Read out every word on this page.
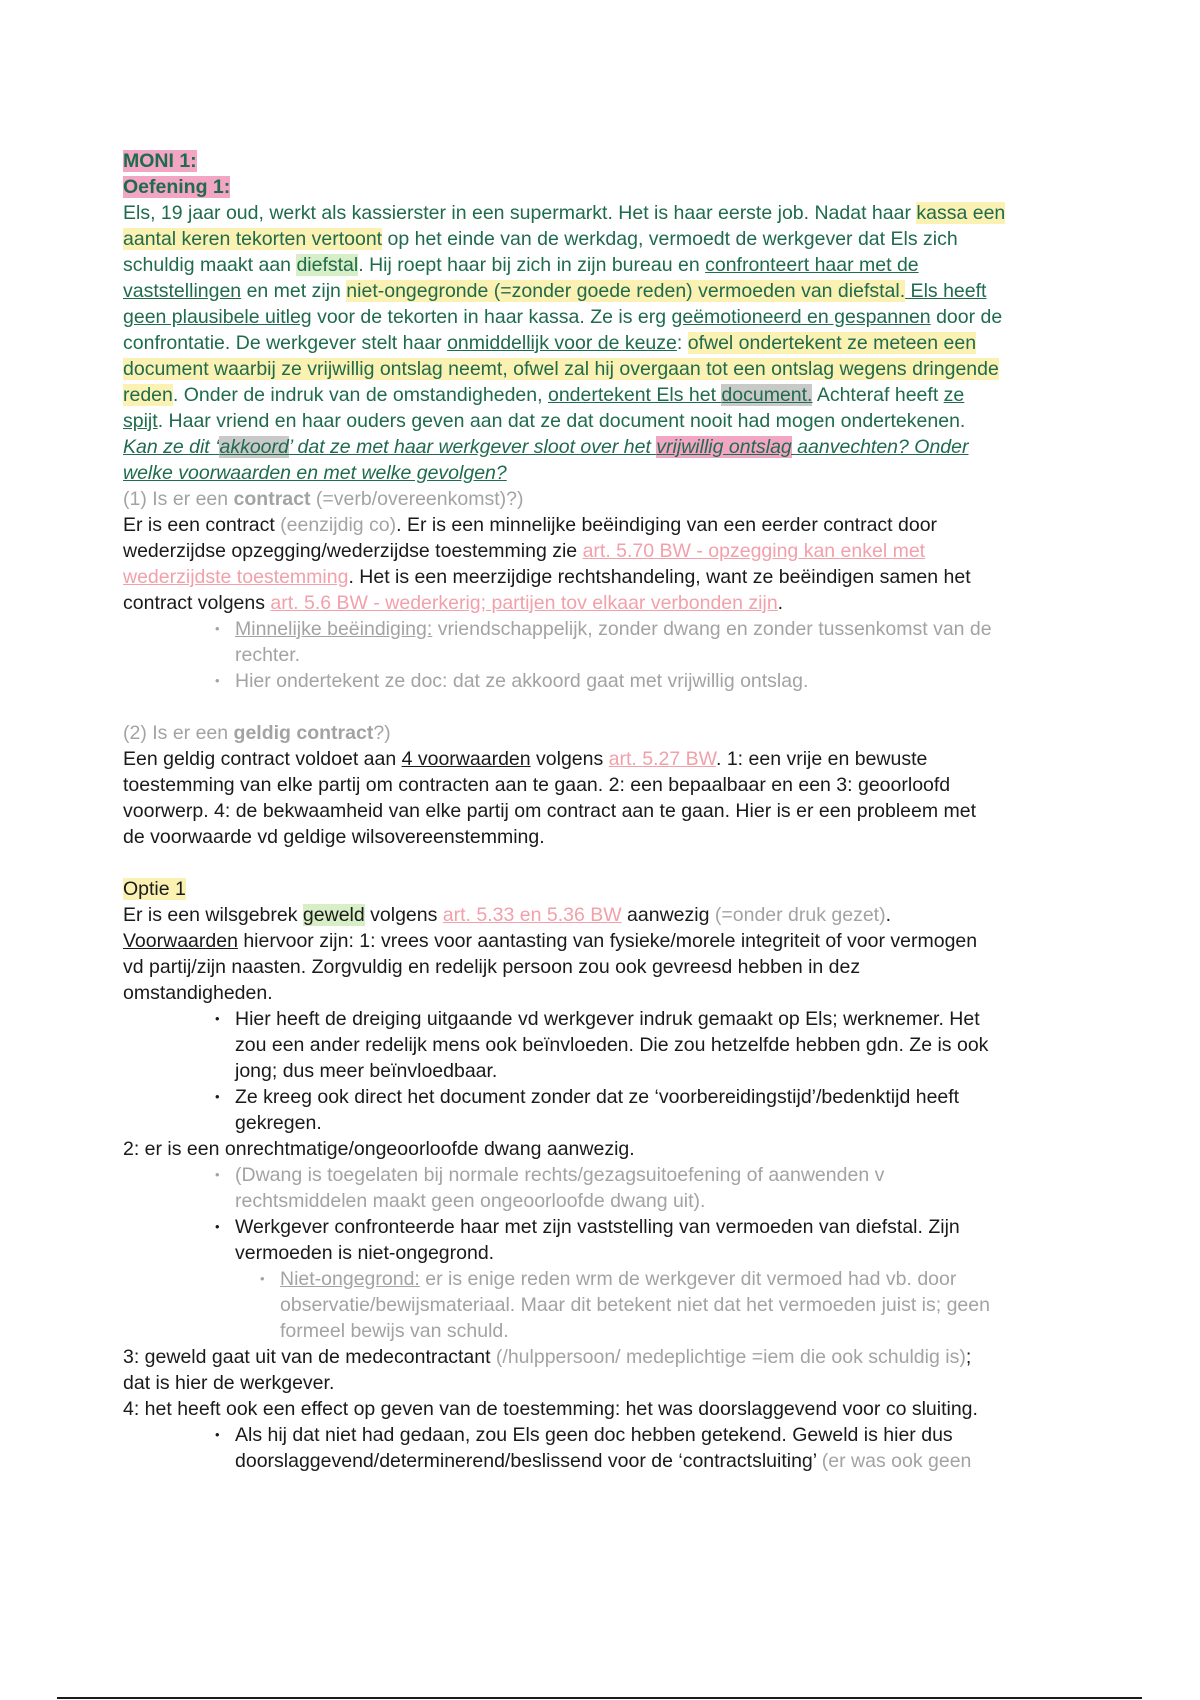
MONI 1:
Oefening 1:
Els, 19 jaar oud, werkt als kassierster in een supermarkt. Het is haar eerste job. Nadat haar kassa een
aantal keren tekorten vertoont op het einde van de werkdag, vermoedt de werkgever dat Els zich
schuldig maakt aan diefstal. Hij roept haar bij zich in zijn bureau en confronteert haar met de
vaststellingen en met zijn niet-ongegronde (=zonder goede reden) vermoeden van diefstal. Els heeft
geen plausibele uitleg voor de tekorten in haar kassa. Ze is erg geëmotioneerd en gespannen door de
confrontatie. De werkgever stelt haar onmiddellijk voor de keuze: ofwel ondertekent ze meteen een
document waarbij ze vrijwillig ontslag neemt, ofwel zal hij overgaan tot een ontslag wegens dringende
reden. Onder de indruk van de omstandigheden, ondertekent Els het document. Achteraf heeft ze
spijt. Haar vriend en haar ouders geven aan dat ze dat document nooit had mogen ondertekenen.
Kan ze dit ‘akkoord’ dat ze met haar werkgever sloot over het vrijwillig ontslag aanvechten? Onder
welke voorwaarden en met welke gevolgen?
(1) Is er een contract (=verb/overeenkomst)?)
Er is een contract (eenzijdig co). Er is een minnelijke beëindiging van een eerder contract door
wederzijdse opzegging/wederzijdse toestemming zie art. 5.70 BW - opzegging kan enkel met
wederzijdste toestemming. Het is een meerzijdige rechtshandeling, want ze beëindigen samen het
contract volgens art. 5.6 BW - wederkerig; partijen tov elkaar verbonden zijn.
• Minnelijke beëindiging: vriendschappelijk, zonder dwang en zonder tussenkomst van de
rechter.
• Hier ondertekent ze doc: dat ze akkoord gaat met vrijwillig ontslag.
(2) Is er een geldig contract?)
Een geldig contract voldoet aan 4 voorwaarden volgens art. 5.27 BW. 1: een vrije en bewuste
toestemming van elke partij om contracten aan te gaan. 2: een bepaalbaar en een 3: geoorloofd
voorwerp. 4: de bekwaamheid van elke partij om contract aan te gaan. Hier is er een probleem met
de voorwaarde vd geldige wilsovereenstemming.
Optie 1
Er is een wilsgebrek geweld volgens art. 5.33 en 5.36 BW aanwezig (=onder druk gezet).
Voorwaarden hiervoor zijn: 1: vrees voor aantasting van fysieke/morele integriteit of voor vermogen
vd partij/zijn naasten. Zorgvuldig en redelijk persoon zou ook gevreesd hebben in dez
omstandigheden.
• Hier heeft de dreiging uitgaande vd werkgever indruk gemaakt op Els; werknemer. Het
zou een ander redelijk mens ook beïnvloeden. Die zou hetzelfde hebben gdn. Ze is ook
jong; dus meer beïnvloedbaar.
• Ze kreeg ook direct het document zonder dat ze ‘voorbereidingstijd’/bedenktijd heeft
gekregen.
2: er is een onrechtmatige/ongeoorloofde dwang aanwezig.
• (Dwang is toegelaten bij normale rechts/gezagsuitoefening of aanwenden v
rechtsmiddelen maakt geen ongeoorloofde dwang uit).
• Werkgever confronteerde haar met zijn vaststelling van vermoeden van diefstal. Zijn
vermoeden is niet-ongegrond.
• Niet-ongegrond: er is enige reden wrm de werkgever dit vermoed had vb. door
observatie/bewijsmateriaal. Maar dit betekent niet dat het vermoeden juist is; geen
formeel bewijs van schuld.
3: geweld gaat uit van de medecontractant (/hulppersoon/ medeplichtige =iem die ook schuldig is);
dat is hier de werkgever.
4: het heeft ook een effect op geven van de toestemming: het was doorslaggevend voor co sluiting.
• Als hij dat niet had gedaan, zou Els geen doc hebben getekend. Geweld is hier dus
doorslaggevend/determinerend/beslissend voor de ‘contractsluiting’ (er was ook geen
